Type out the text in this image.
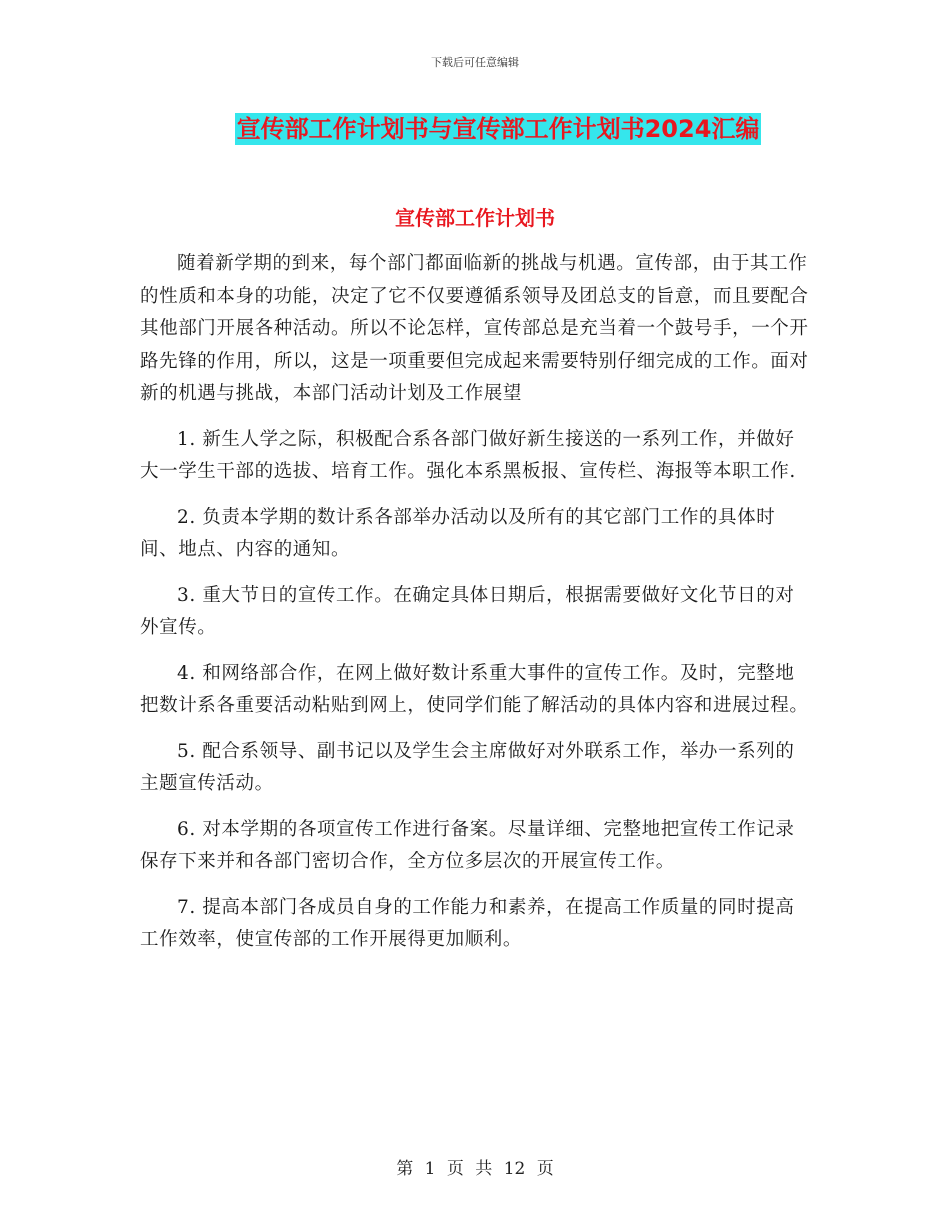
下载后可任意编辑
宣传部工作计划书与宣传部工作计划书2024汇编
宣传部工作计划书

随着新学期的到来，每个部门都面临新的挑战与机遇。宣传部，由于其工作的性质和本身的功能，决定了它不仅要遵循系领导及团总支的旨意，而且要配合其他部门开展各种活动。所以不论怎样，宣传部总是充当着一个鼓号手，一个开路先锋的作用，所以，这是一项重要但完成起来需要特别仔细完成的工作。面对新的机遇与挑战，本部门活动计划及工作展望

1. 新生人学之际，积极配合系各部门做好新生接送的一系列工作，并做好大一学生干部的选拔、培育工作。强化本系黑板报、宣传栏、海报等本职工作.

2. 负责本学期的数计系各部举办活动以及所有的其它部门工作的具体时间、地点、内容的通知。

3. 重大节日的宣传工作。在确定具体日期后，根据需要做好文化节日的对外宣传。

4. 和网络部合作，在网上做好数计系重大事件的宣传工作。及时，完整地把数计系各重要活动粘贴到网上，使同学们能了解活动的具体内容和进展过程。

5. 配合系领导、副书记以及学生会主席做好对外联系工作，举办一系列的主题宣传活动。

6. 对本学期的各项宣传工作进行备案。尽量详细、完整地把宣传工作记录保存下来并和各部门密切合作，全方位多层次的开展宣传工作。

7. 提高本部门各成员自身的工作能力和素养，在提高工作质量的同时提高工作效率，使宣传部的工作开展得更加顺利。

第 1 页 共 12 页
